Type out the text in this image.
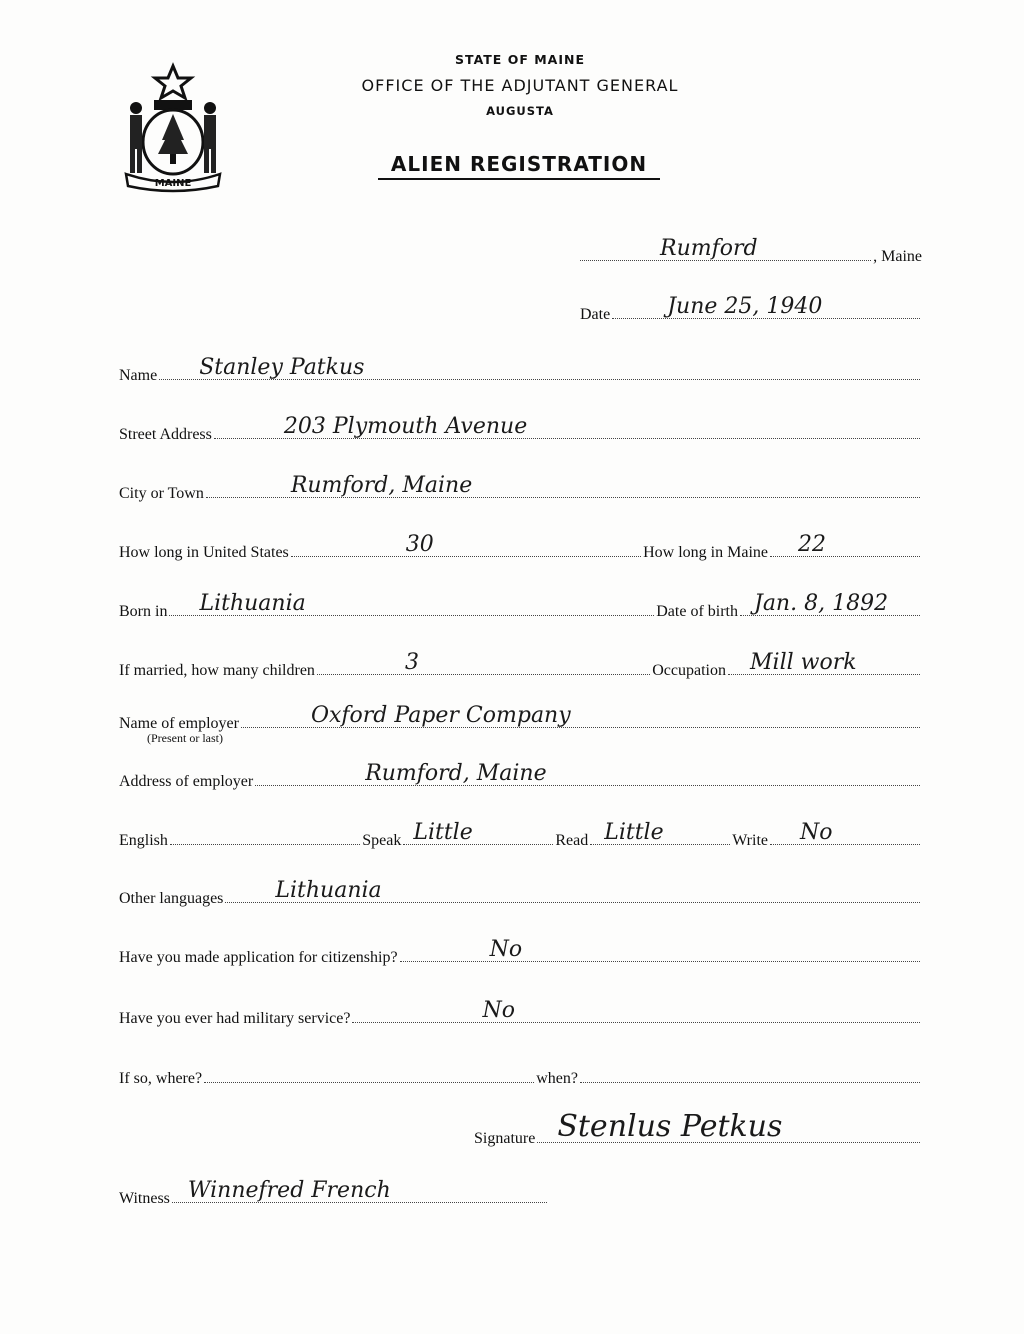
MAINE
STATE OF MAINE
OFFICE OF THE ADJUTANT GENERAL
AUGUSTA
ALIEN REGISTRATION
Rumford	, Maine
Date	June 25, 1940
Name Stanley Patkus
Street Address	203 Plymouth Avenue
City or Town	Rumford, Maine
How long in United States	30	How long in Maine 22
Born in Lithuania	Date of birth Jan. 8, 1892
If married, how many children	3	Occupation Mill work
Name of employer	Oxford Paper Company
(Present or last)
Address of employer	Rumford, Maine
English	Speak Little	Read Little	Write No
Other languages Lithuania
Have you made application for citizenship?	No
Have you ever had military service?	No
If so, where?	when?
Signature Stenlus Petkus
Witness Winnefred French
